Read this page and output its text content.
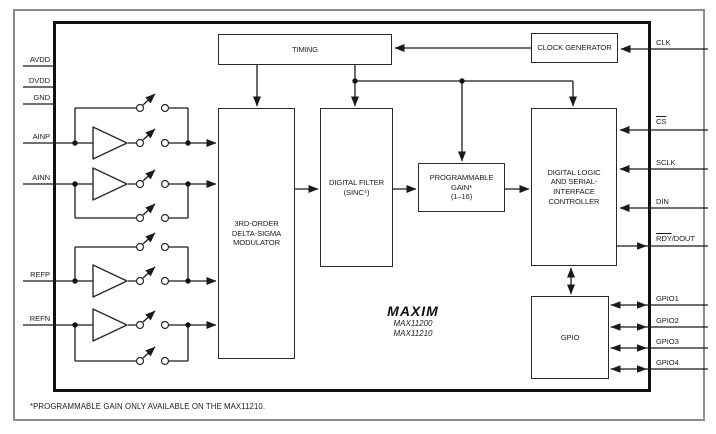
TIMING	CLOCK GENERATOR
3RD-ORDER
DELTA-SIGMA
MODULATOR
DIGITAL FILTER
(SINC⁴)
PROGRAMMABLE
GAIN*
(1–16)
DIGITAL LOGIC
AND SERIAL-
INTERFACE
CONTROLLER
GPIO
AVDD
DVDD
GND
AINP
AINN
REFP
REFN
CLK
$\overline{CS}$
SCLK
DIN
$\overline{RDY}$/DOUT
GPIO1
GPIO2
GPIO3
GPIO4
MAXIM
MAX11200
MAX11210
*PROGRAMMABLE GAIN ONLY AVAILABLE ON THE MAX11210.
